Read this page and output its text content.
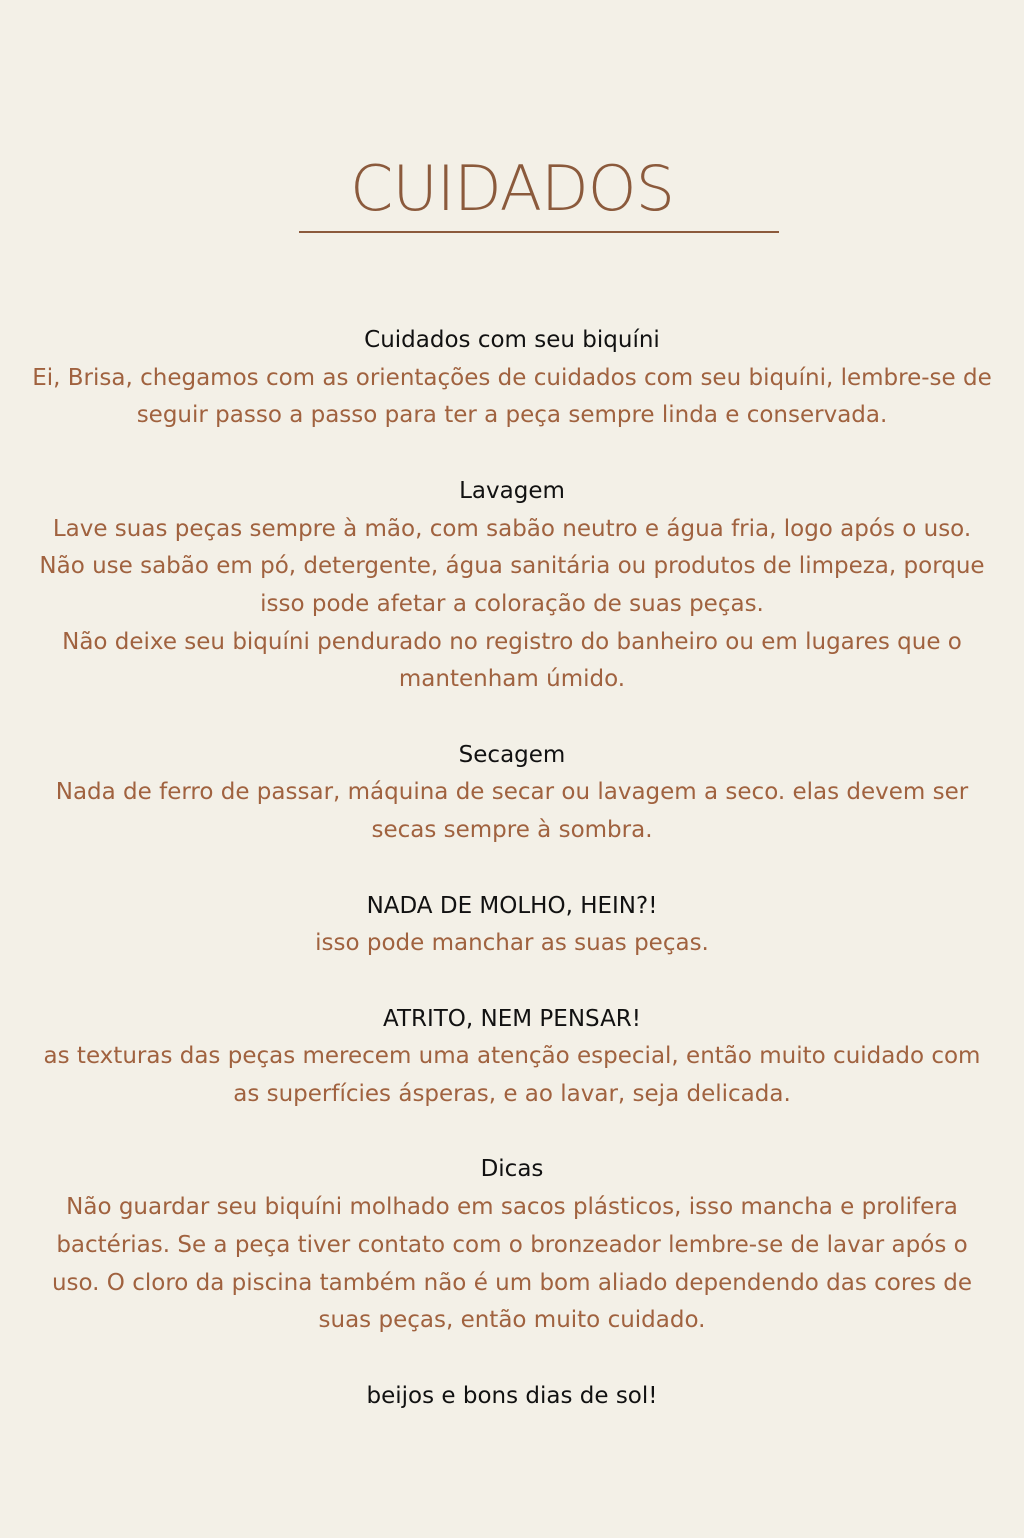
CUIDADOS
Cuidados com seu biquíni
Ei, Brisa, chegamos com as orientações de cuidados com seu biquíni, lembre-se de seguir passo a passo para ter a peça sempre linda e conservada.
Lavagem
Lave suas peças sempre à mão, com sabão neutro e água fria, logo após o uso. Não use sabão em pó, detergente, água sanitária ou produtos de limpeza, porque isso pode afetar a coloração de suas peças.
Não deixe seu biquíni pendurado no registro do banheiro ou em lugares que o mantenham úmido.
Secagem
Nada de ferro de passar, máquina de secar ou lavagem a seco. elas devem ser secas sempre à sombra.
NADA DE MOLHO, HEIN?!
isso pode manchar as suas peças.
ATRITO, NEM PENSAR!
as texturas das peças merecem uma atenção especial, então muito cuidado com as superfícies ásperas, e ao lavar, seja delicada.
Dicas
Não guardar seu biquíni molhado em sacos plásticos, isso mancha e prolifera bactérias. Se a peça tiver contato com o bronzeador lembre-se de lavar após o uso. O cloro da piscina também não é um bom aliado dependendo das cores de suas peças, então muito cuidado.
beijos e bons dias de sol!
